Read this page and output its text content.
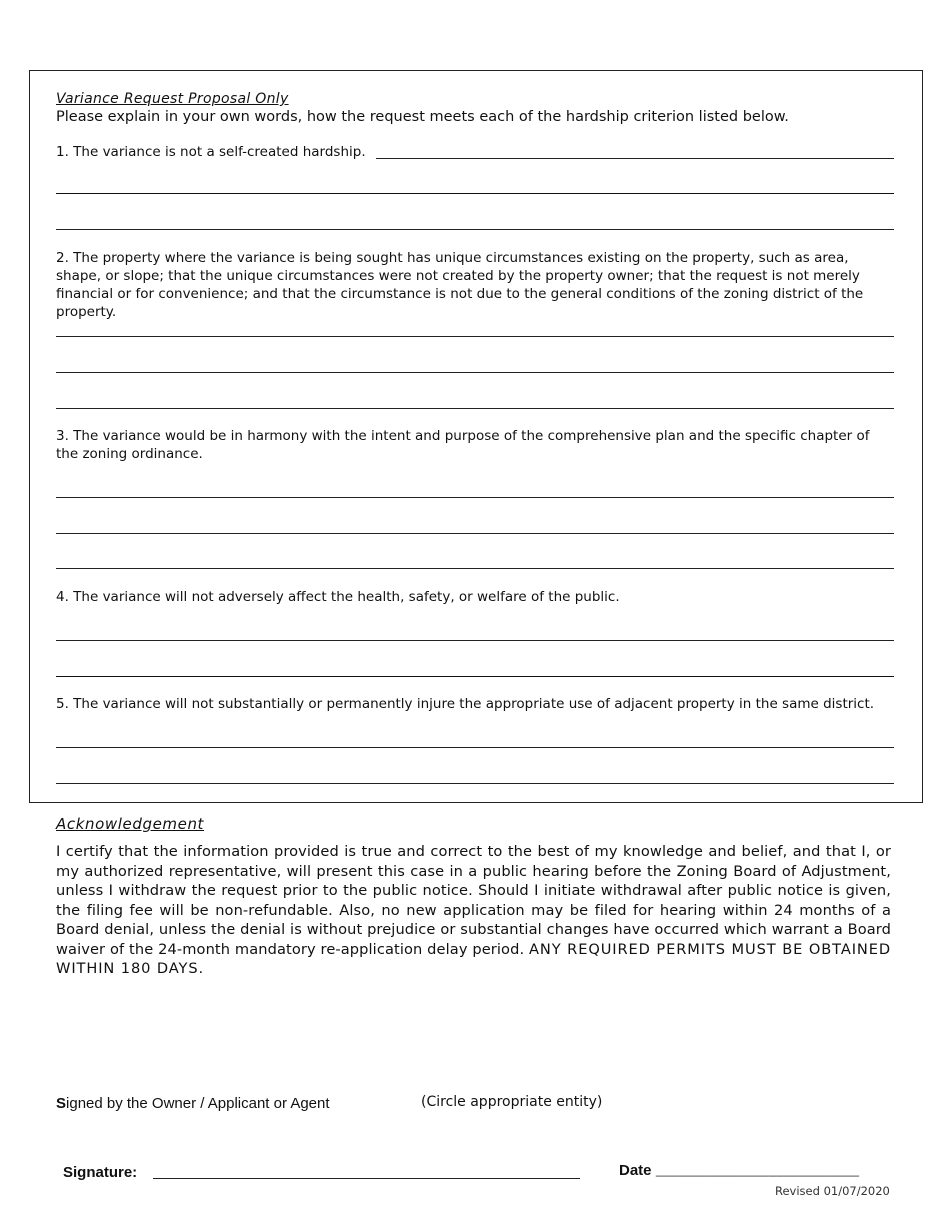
Variance Request Proposal Only
Please explain in your own words, how the request meets each of the hardship criterion listed below.
1. The variance is not a self-created hardship.
2. The property where the variance is being sought has unique circumstances existing on the property, such as area, shape, or slope; that the unique circumstances were not created by the property owner; that the request is not merely financial or for convenience; and that the circumstance is not due to the general conditions of the zoning district of the property.
3. The variance would be in harmony with the intent and purpose of the comprehensive plan and the specific chapter of the zoning ordinance.
4. The variance will not adversely affect the health, safety, or welfare of the public.
5. The variance will not substantially or permanently injure the appropriate use of adjacent property in the same district.
Acknowledgement
I certify that the information provided is true and correct to the best of my knowledge and belief, and that I, or my authorized representative, will present this case in a public hearing before the Zoning Board of Adjustment, unless I withdraw the request prior to the public notice. Should I initiate withdrawal after public notice is given, the filing fee will be non-refundable. Also, no new application may be filed for hearing within 24 months of a Board denial, unless the denial is without prejudice or substantial changes have occurred which warrant a Board waiver of the 24-month mandatory re-application delay period. ANY REQUIRED PERMITS MUST BE OBTAINED WITHIN 180 DAYS.
Signed by the Owner / Applicant or Agent	(Circle appropriate entity)
Signature:	Date ___________________________
Revised 01/07/2020
